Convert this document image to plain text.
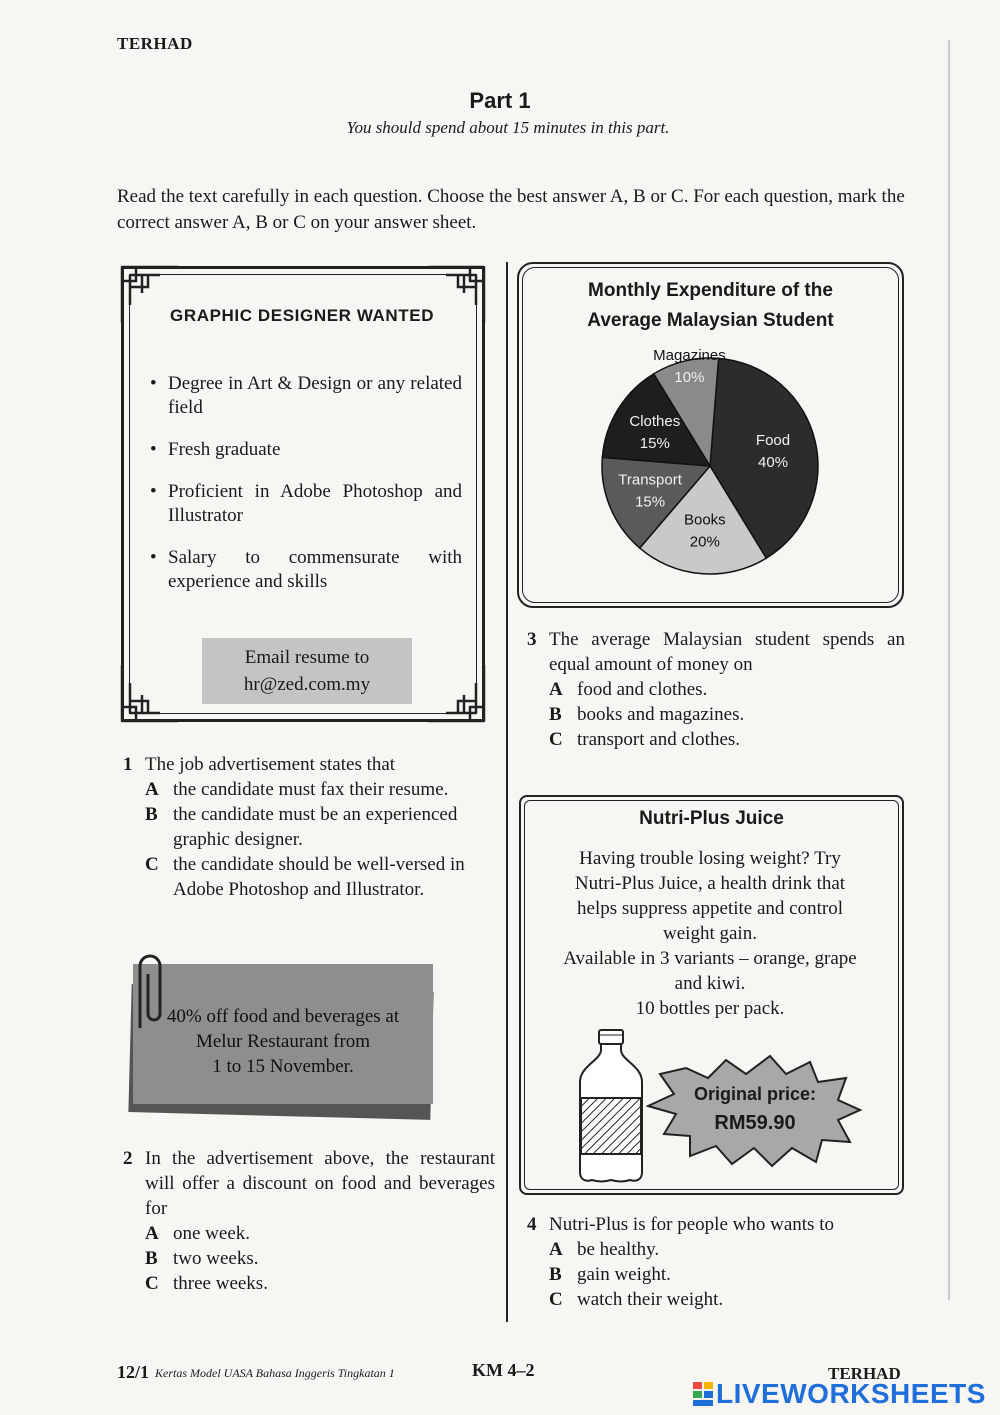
TERHAD
Part 1
You should spend about 15 minutes in this part.
Read the text carefully in each question. Choose the best answer A, B or C. For each question, mark the correct answer A, B or C on your answer sheet.
GRAPHIC DESIGNER WANTED
• Degree in Art & Design or any related field
• Fresh graduate
• Proficient in Adobe Photoshop and Illustrator
• Salary to commensurate with experience and skills
Email resume to
hr@zed.com.my
1 The job advertisement states that
A the candidate must fax their resume.
B the candidate must be an experienced graphic designer.
C the candidate should be well-versed in Adobe Photoshop and Illustrator.
40% off food and beverages at
Melur Restaurant from
1 to 15 November.
2 In the advertisement above, the restaurant will offer a discount on food and beverages for
A one week.
B two weeks.
C three weeks.
Monthly Expenditure of the
Average Malaysian Student
Food
40%
Books
20%
Transport
15%
Clothes
15%
Magazines
10%
3 The average Malaysian student spends an equal amount of money on
A food and clothes.
B books and magazines.
C transport and clothes.
Nutri-Plus Juice
Having trouble losing weight? Try
Nutri-Plus Juice, a health drink that
helps suppress appetite and control
weight gain.
Available in 3 variants – orange, grape
and kiwi.
10 bottles per pack.
Original price:
RM59.90
4 Nutri-Plus is for people who wants to
A be healthy.
B gain weight.
C watch their weight.
12/1 Kertas Model UASA Bahasa Inggeris Tingkatan 1	KM 4–2	TERHAD
LIVEWORKSHEETS
